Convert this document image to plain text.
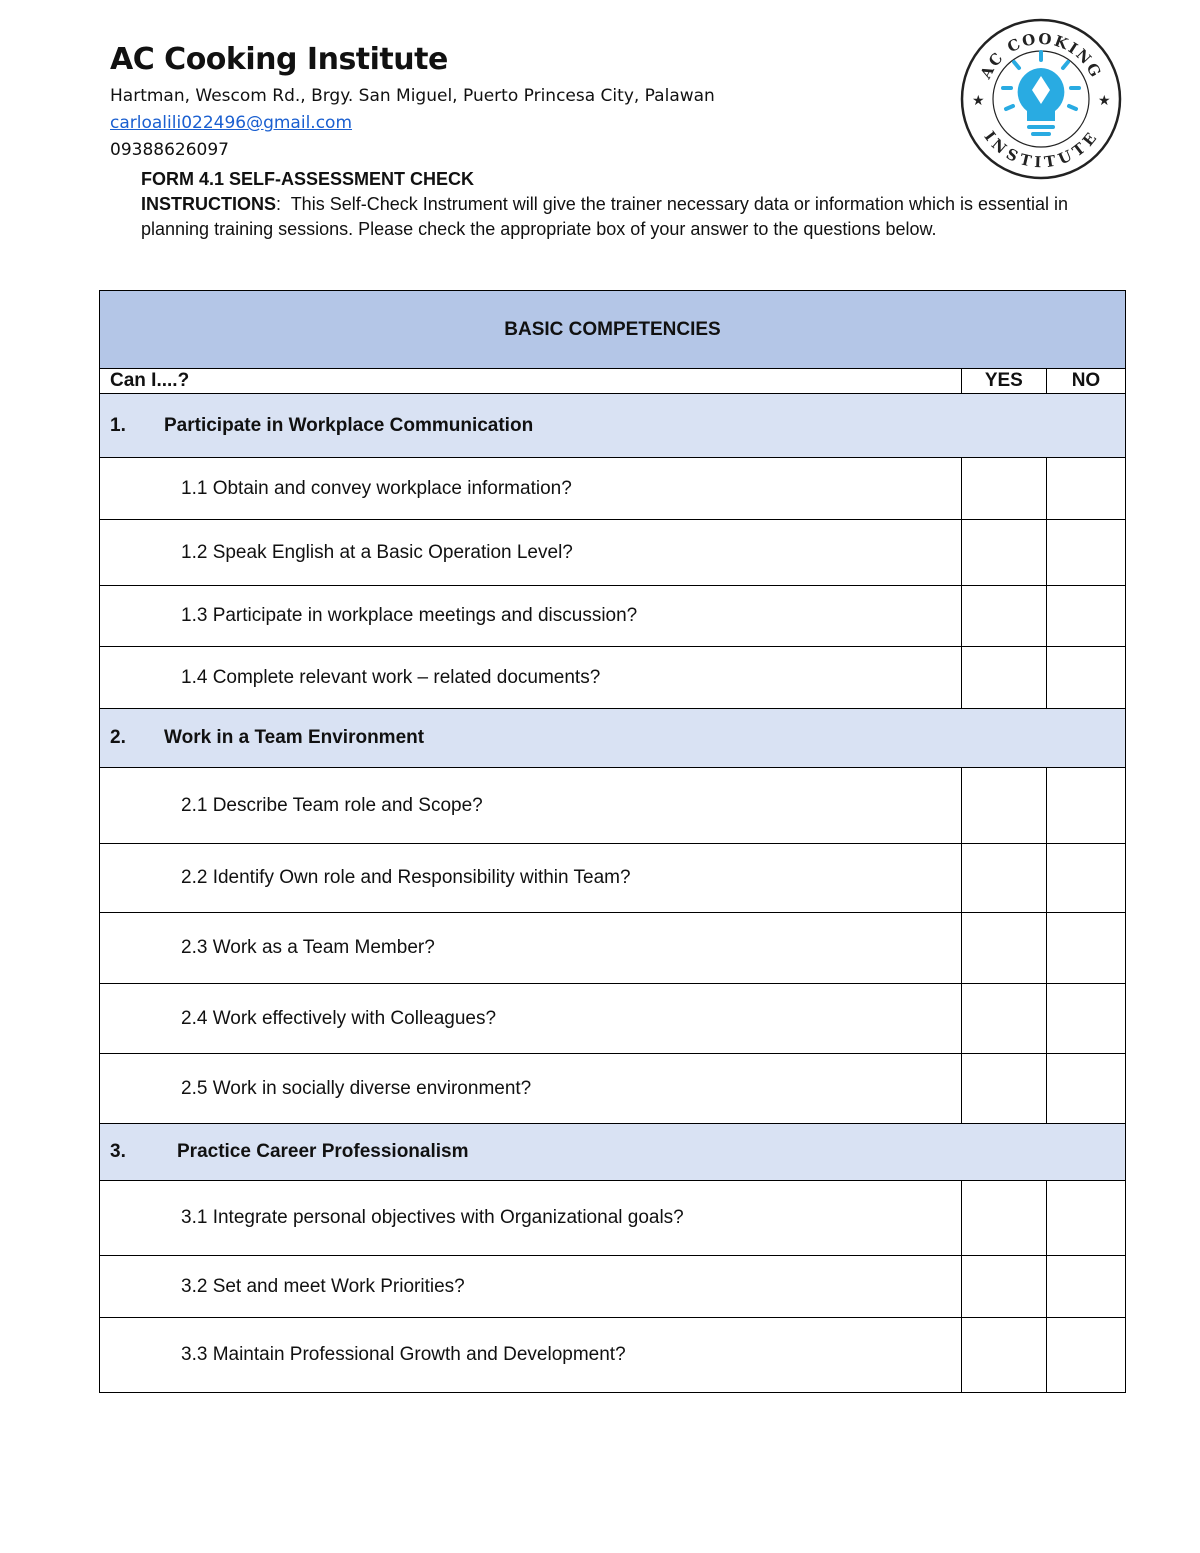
AC Cooking Institute
Hartman, Wescom Rd., Brgy. San Miguel, Puerto Princesa City, Palawan
carloalili022496@gmail.com
09388626097
AC COOKING
INSTITUTE
★	★
FORM 4.1 SELF-ASSESSMENT CHECK
INSTRUCTIONS:  This Self-Check Instrument will give the trainer necessary data or information which is essential in planning training sessions. Please check the appropriate box of your answer to the questions below.
BASIC COMPETENCIES		
Can I....?	YES	NO
1. Participate in Workplace Communication		
1.1 Obtain and convey workplace information?		
1.2 Speak English at a Basic Operation Level?		
1.3 Participate in workplace meetings and discussion?		
1.4 Complete relevant work – related documents?		
2. Work in a Team Environment		
2.1 Describe Team role and Scope?		
2.2 Identify Own role and Responsibility within Team?		
2.3 Work as a Team Member?		
2.4 Work effectively with Colleagues?		
2.5 Work in socially diverse environment?		
3. Practice Career Professionalism		
3.1 Integrate personal objectives with Organizational goals?		
3.2 Set and meet Work Priorities?		
3.3 Maintain Professional Growth and Development?		
